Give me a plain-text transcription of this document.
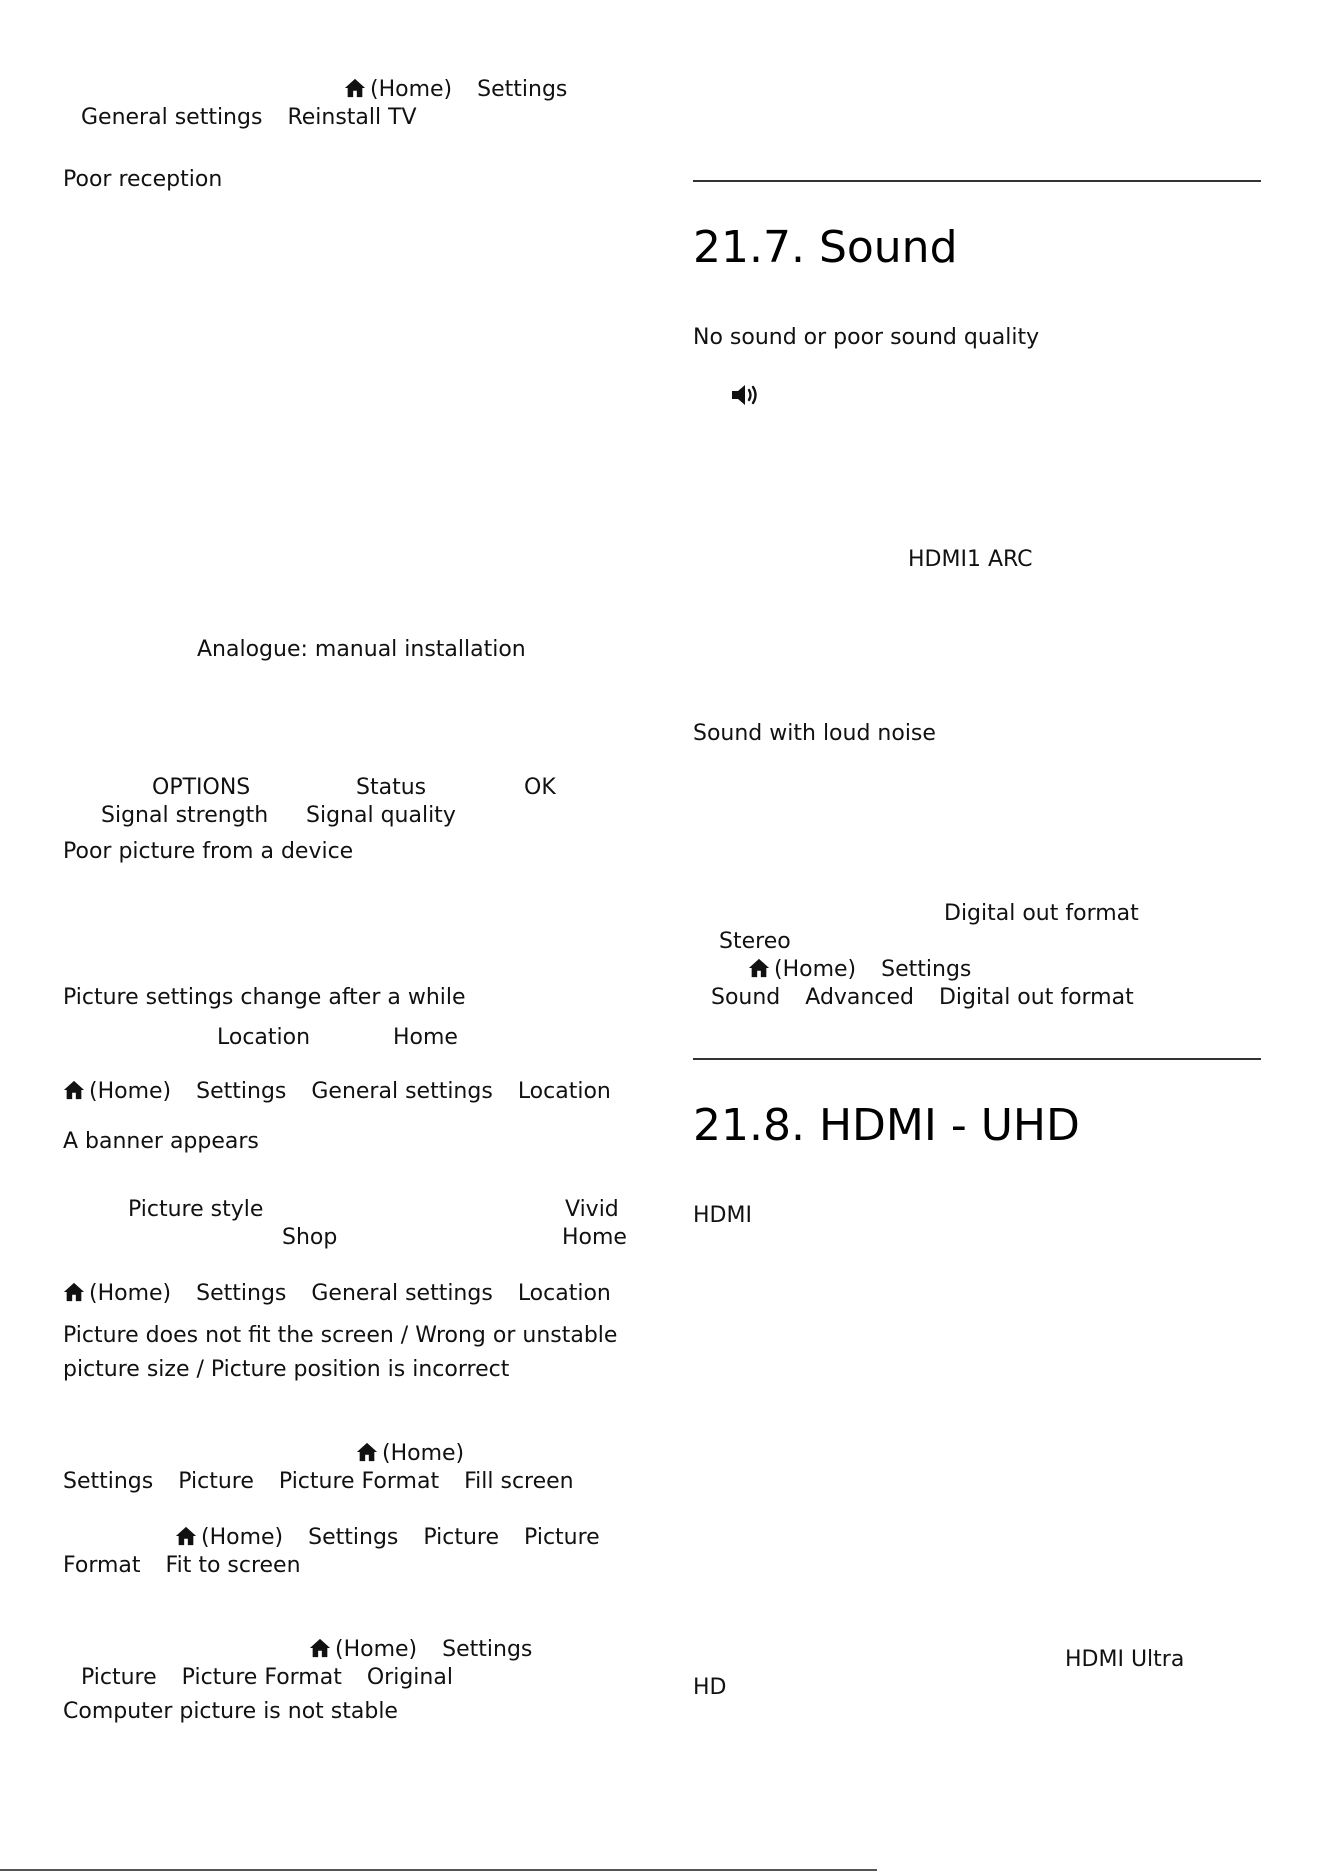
(Home) Settings
General settings Reinstall TV
Poor reception
Analogue: manual installation
OPTIONS	Status	OK
Signal strength Signal quality
Poor picture from a device
Picture settings change after a while
Location	Home
(Home) Settings General settings Location
A banner appears
Picture style	Vivid
Shop	Home
(Home) Settings General settings Location
Picture does not fit the screen / Wrong or unstable
picture size / Picture position is incorrect
(Home)
Settings Picture Picture Format Fill screen
(Home) Settings Picture Picture
Format Fit to screen
(Home) Settings
Picture Picture Format Original
Computer picture is not stable
21.7. Sound
No sound or poor sound quality
HDMI1 ARC
Sound with loud noise
Digital out format
Stereo
(Home) Settings
Sound Advanced Digital out format
21.8. HDMI - UHD
HDMI
HDMI Ultra
HD
